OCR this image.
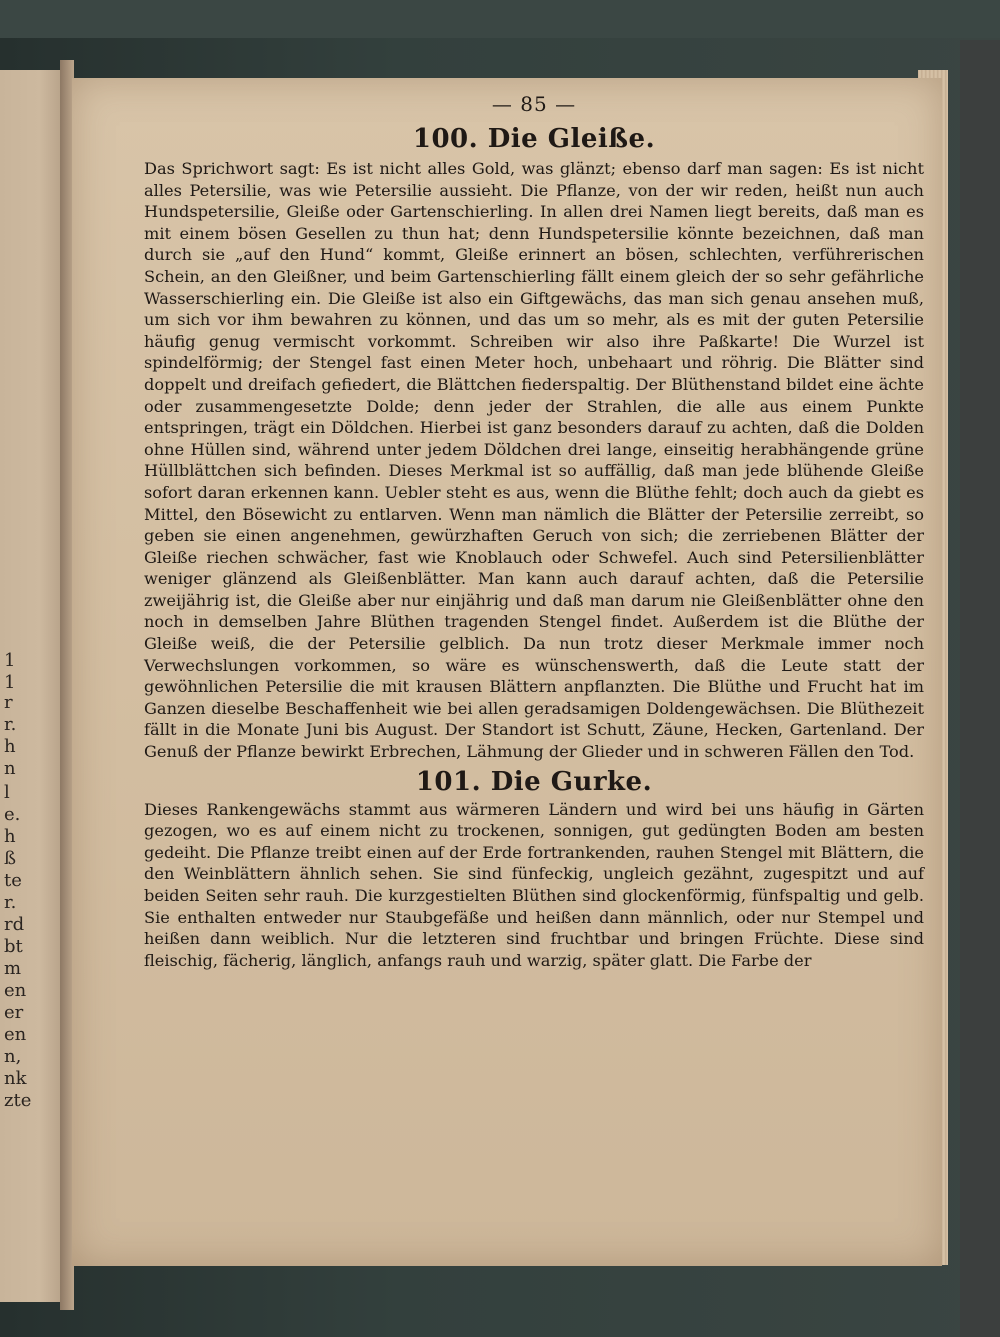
1
1
r
r.
h
n
l
e.
h
ß
te
r.
rd
bt
m
en
er
en
n,
nk
zte
— 85 —
100. Die Gleiße.

Das Sprichwort sagt: Es ist nicht alles Gold, was glänzt; ebenso darf man sagen: Es ist nicht alles Petersilie, was wie Petersilie aussieht. Die Pflanze, von der wir reden, heißt nun auch Hundspetersilie, Gleiße oder Gartenschierling. In allen drei Namen liegt bereits, daß man es mit einem bösen Gesellen zu thun hat; denn Hundspetersilie könnte bezeichnen, daß man durch sie „auf den Hund“ kommt, Gleiße erinnert an bösen, schlechten, verführerischen Schein, an den Gleißner, und beim Gartenschierling fällt einem gleich der so sehr gefährliche Wasserschierling ein. Die Gleiße ist also ein Giftgewächs, das man sich genau ansehen muß, um sich vor ihm bewahren zu können, und das um so mehr, als es mit der guten Petersilie häufig genug vermischt vorkommt. Schreiben wir also ihre Paßkarte! Die Wurzel ist spindelförmig; der Stengel fast einen Meter hoch, unbehaart und röhrig. Die Blätter sind doppelt und dreifach gefiedert, die Blättchen fiederspaltig. Der Blüthenstand bildet eine ächte oder zusammengesetzte Dolde; denn jeder der Strahlen, die alle aus einem Punkte entspringen, trägt ein Döldchen. Hierbei ist ganz besonders darauf zu achten, daß die Dolden ohne Hüllen sind, während unter jedem Döldchen drei lange, einseitig herabhängende grüne Hüllblättchen sich befinden. Dieses Merkmal ist so auffällig, daß man jede blühende Gleiße sofort daran erkennen kann. Uebler steht es aus, wenn die Blüthe fehlt; doch auch da giebt es Mittel, den Bösewicht zu entlarven. Wenn man nämlich die Blätter der Petersilie zerreibt, so geben sie einen angenehmen, gewürzhaften Geruch von sich; die zerriebenen Blätter der Gleiße riechen schwächer, fast wie Knoblauch oder Schwefel. Auch sind Petersilienblätter weniger glänzend als Gleißenblätter. Man kann auch darauf achten, daß die Petersilie zweijährig ist, die Gleiße aber nur einjährig und daß man darum nie Gleißenblätter ohne den noch in demselben Jahre Blüthen tragenden Stengel findet. Außerdem ist die Blüthe der Gleiße weiß, die der Petersilie gelblich. Da nun trotz dieser Merkmale immer noch Verwechslungen vorkommen, so wäre es wünschenswerth, daß die Leute statt der gewöhnlichen Petersilie die mit krausen Blättern anpflanzten. Die Blüthe und Frucht hat im Ganzen dieselbe Beschaffenheit wie bei allen geradsamigen Doldengewächsen. Die Blüthezeit fällt in die Monate Juni bis August. Der Standort ist Schutt, Zäune, Hecken, Gartenland. Der Genuß der Pflanze bewirkt Erbrechen, Lähmung der Glieder und in schweren Fällen den Tod.

101. Die Gurke.

Dieses Rankengewächs stammt aus wärmeren Ländern und wird bei uns häufig in Gärten gezogen, wo es auf einem nicht zu trockenen, sonnigen, gut gedüngten Boden am besten gedeiht. Die Pflanze treibt einen auf der Erde fortrankenden, rauhen Stengel mit Blättern, die den Weinblättern ähnlich sehen. Sie sind fünfeckig, ungleich gezähnt, zugespitzt und auf beiden Seiten sehr rauh. Die kurzgestielten Blüthen sind glockenförmig, fünfspaltig und gelb. Sie enthalten entweder nur Staubgefäße und heißen dann männlich, oder nur Stempel und heißen dann weiblich. Nur die letzteren sind fruchtbar und bringen Früchte. Diese sind fleischig, fächerig, länglich, anfangs rauh und warzig, später glatt. Die Farbe der
